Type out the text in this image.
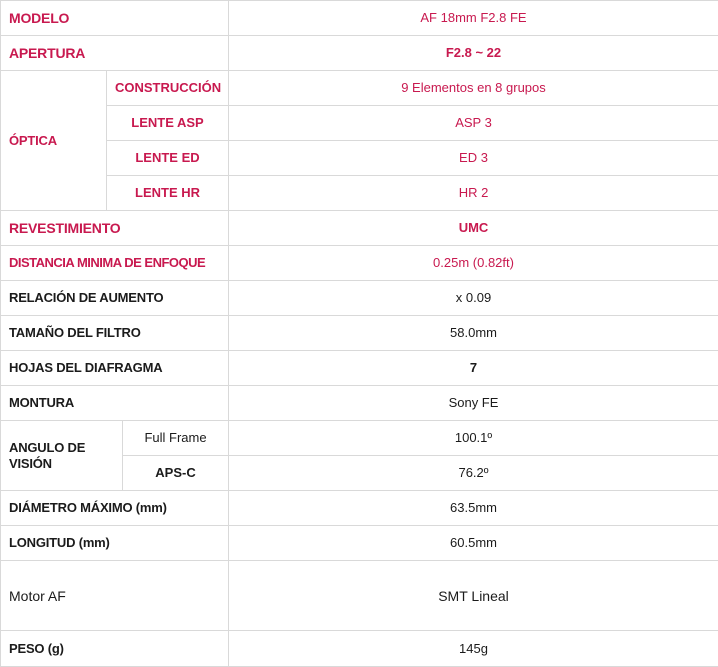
MODELO			AF 18mm F2.8 FE
APERTURA			F2.8 ~ 22
ÓPTICA	CONSTRUCCIÓN		9 Elementos en 8 grupos
	LENTE ASP		ASP 3
	LENTE ED		ED 3
	LENTE HR		HR 2
REVESTIMIENTO			UMC
DISTANCIA MINIMA DE ENFOQUE			0.25m (0.82ft)
RELACIÓN DE AUMENTO			x 0.09
TAMAÑO DEL FILTRO			58.0mm
HOJAS DEL DIAFRAGMA			7
MONTURA			Sony FE
ANGULO DE VISIÓN		Full Frame	100.1º
		APS-C	76.2º
DIÁMETRO MÁXIMO (mm)			63.5mm
LONGITUD (mm)			60.5mm
Motor AF			SMT Lineal
PESO (g)			145g
